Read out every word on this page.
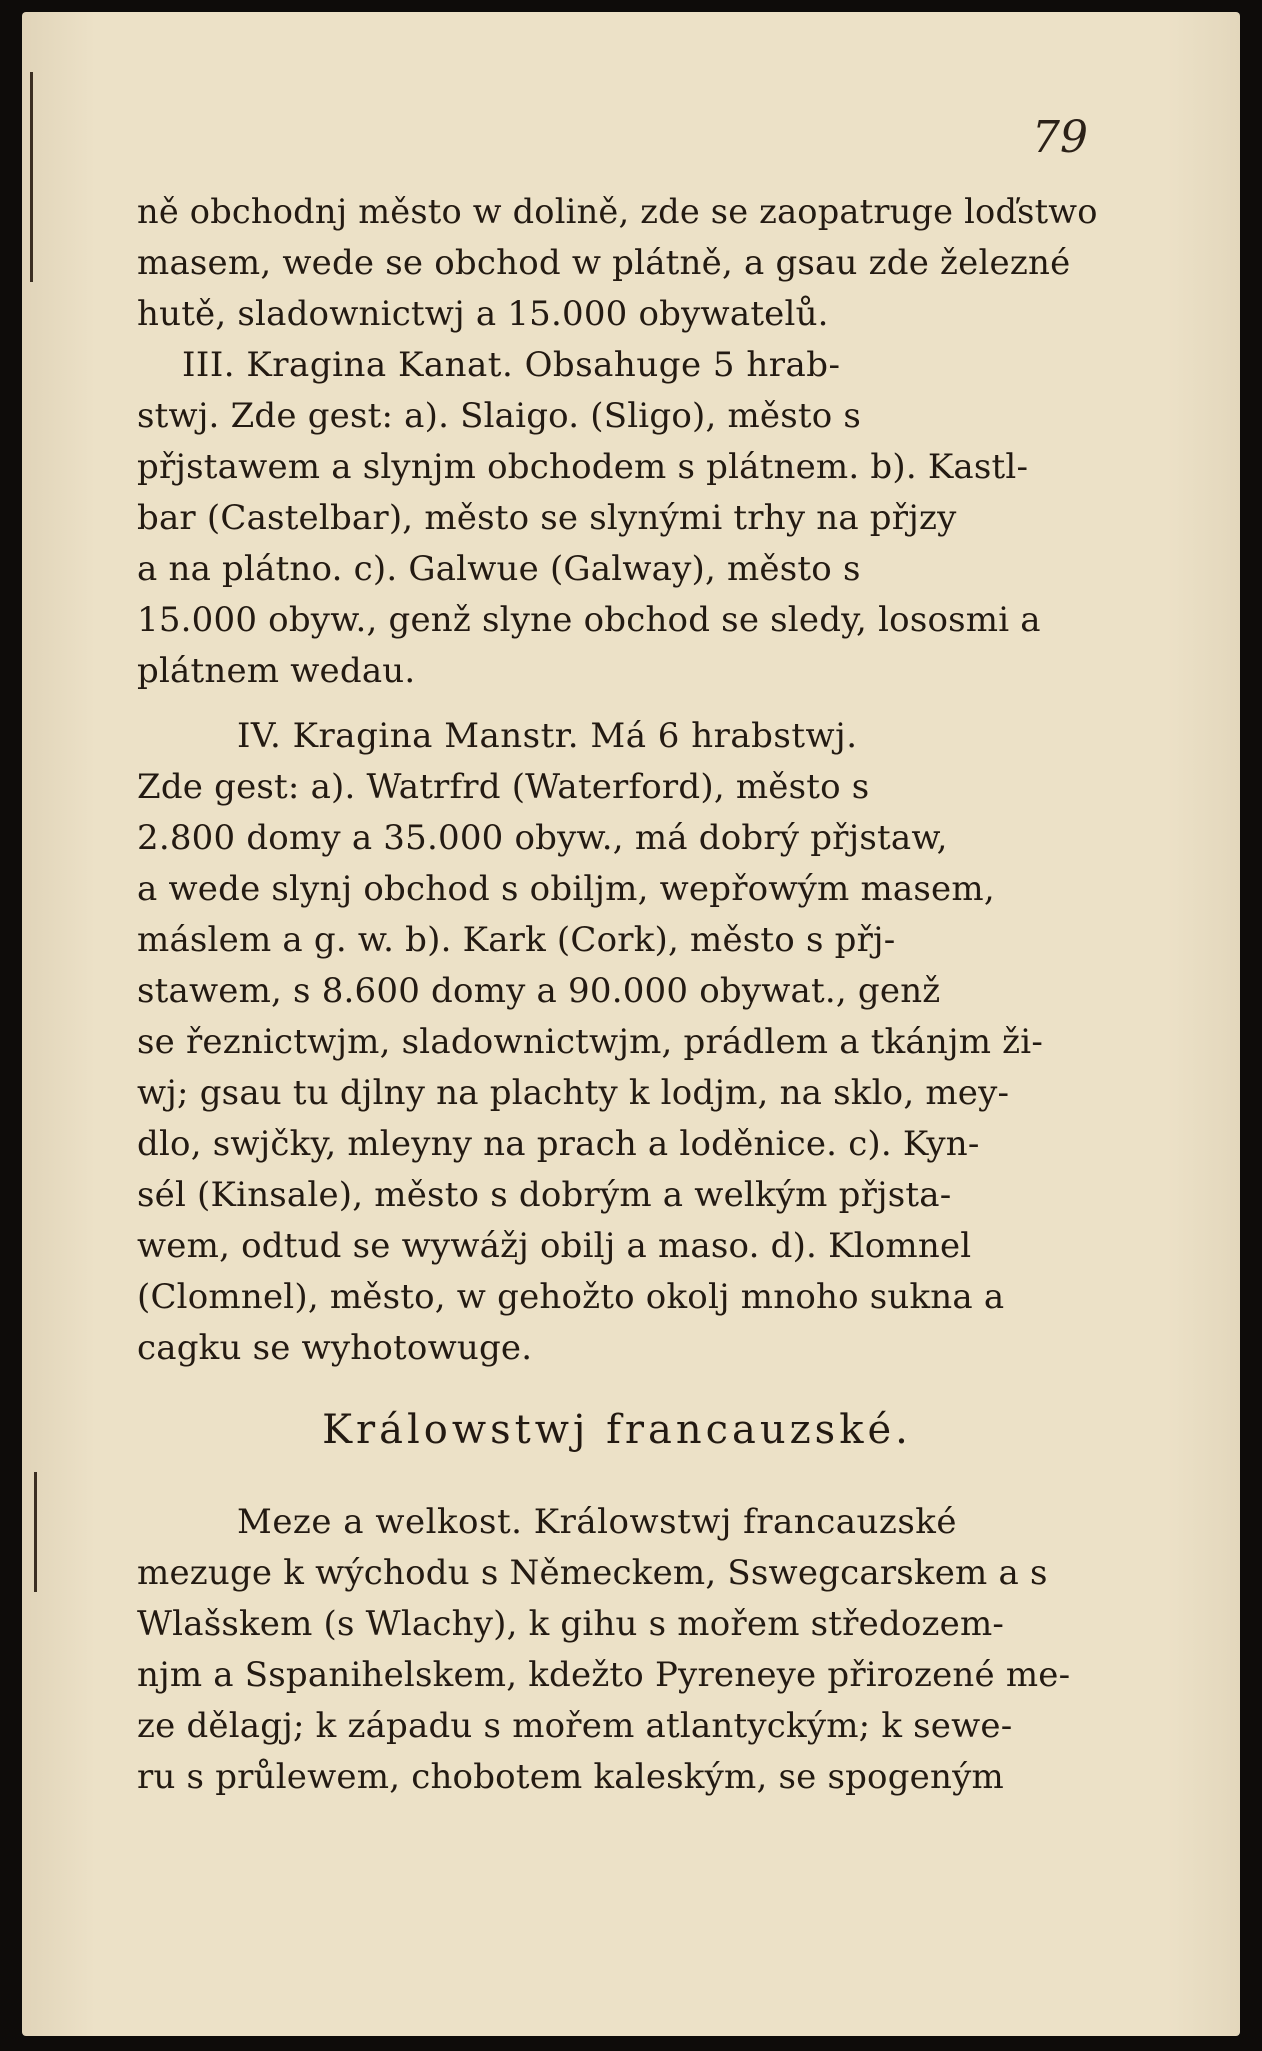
79
ně obchodnj město w dolině, zde se zaopatruge loďstwo
masem, wede se obchod w plátně, a gsau zde železné
hutě, sladownictwj a 15.000 obywatelů.
III. Kragina Kanat. Obsahuge 5 hrab-
stwj. Zde gest: a). Slaigo. (Sligo), město s
přjstawem a slynjm obchodem s plátnem. b). Kastl-
bar (Castelbar), město se slynými trhy na přjzy
a na plátno. c). Galwue (Galway), město s
15.000 obyw., genž slyne obchod se sledy, lososmi a
plátnem wedau.
IV. Kragina Manstr. Má 6 hrabstwj.
Zde gest: a). Watrfrd (Waterford), město s
2.800 domy a 35.000 obyw., má dobrý přjstaw,
a wede slynj obchod s obiljm, wepřowým masem,
máslem a g. w. b). Kark (Cork), město s přj-
stawem, s 8.600 domy a 90.000 obywat., genž
se řeznictwjm, sladownictwjm, prádlem a tkánjm ži-
wj; gsau tu djlny na plachty k lodjm, na sklo, mey-
dlo, swjčky, mleyny na prach a loděnice. c). Kyn-
sél (Kinsale), město s dobrým a welkým přjsta-
wem, odtud se wywážj obilj a maso. d). Klomnel
(Clomnel), město, w gehožto okolj mnoho sukna a
cagku se wyhotowuge.
Králowstwj francauzské.
Meze a welkost. Králowstwj francauzské
mezuge k wýchodu s Německem, Sswegcarskem a s
Wlašskem (s Wlachy), k gihu s mořem středozem-
njm a Sspanihelskem, kdežto Pyreneye přirozené me-
ze dělagj; k západu s mořem atlantyckým; k sewe-
ru s průlewem, chobotem kaleským, se spogeným
